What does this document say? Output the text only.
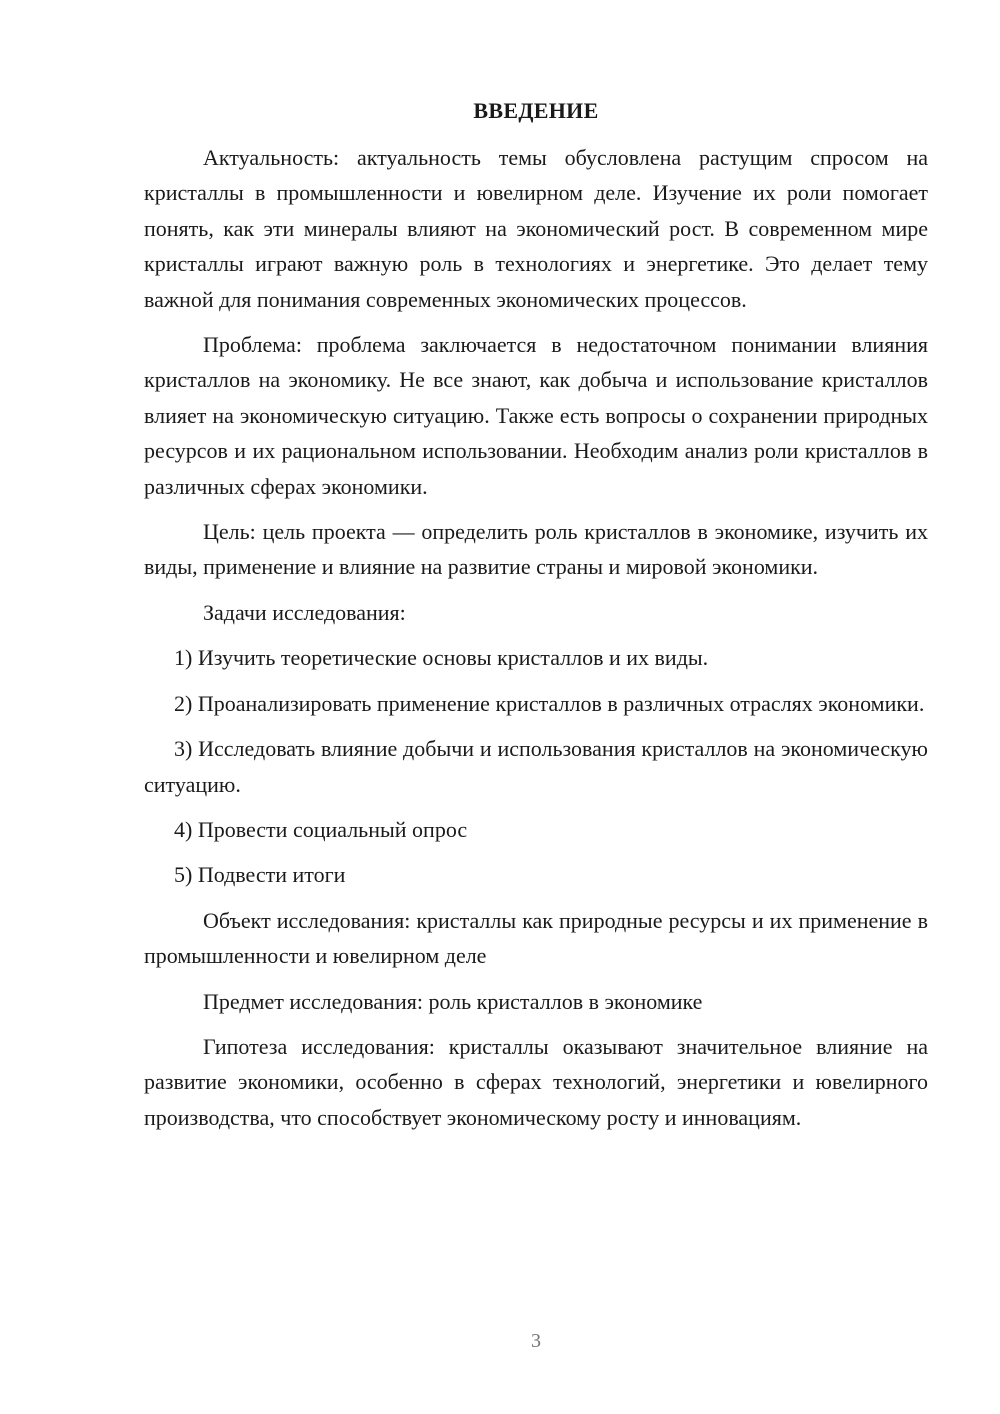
ВВЕДЕНИЕ

Актуальность: актуальность темы обусловлена растущим спросом на кристаллы в промышленности и ювелирном деле. Изучение их роли помогает понять, как эти минералы влияют на экономический рост. В современном мире кристаллы играют важную роль в технологиях и энергетике. Это делает тему важной для понимания современных экономических процессов.

Проблема: проблема заключается в недостаточном понимании влияния кристаллов на экономику. Не все знают, как добыча и использование кристаллов влияет на экономическую ситуацию. Также есть вопросы о сохранении природных ресурсов и их рациональном использовании. Необходим анализ роли кристаллов в различных сферах экономики.

Цель: цель проекта — определить роль кристаллов в экономике, изучить их виды, применение и влияние на развитие страны и мировой экономики.

Задачи исследования:

1) Изучить теоретические основы кристаллов и их виды.

2) Проанализировать применение кристаллов в различных отраслях экономики.

3) Исследовать влияние добычи и использования кристаллов на экономическую ситуацию.

4) Провести социальный опрос

5) Подвести итоги

Объект исследования: кристаллы как природные ресурсы и их применение в промышленности и ювелирном деле

Предмет исследования: роль кристаллов в экономике

Гипотеза исследования: кристаллы оказывают значительное влияние на развитие экономики, особенно в сферах технологий, энергетики и ювелирного производства, что способствует экономическому росту и инновациям.

3
